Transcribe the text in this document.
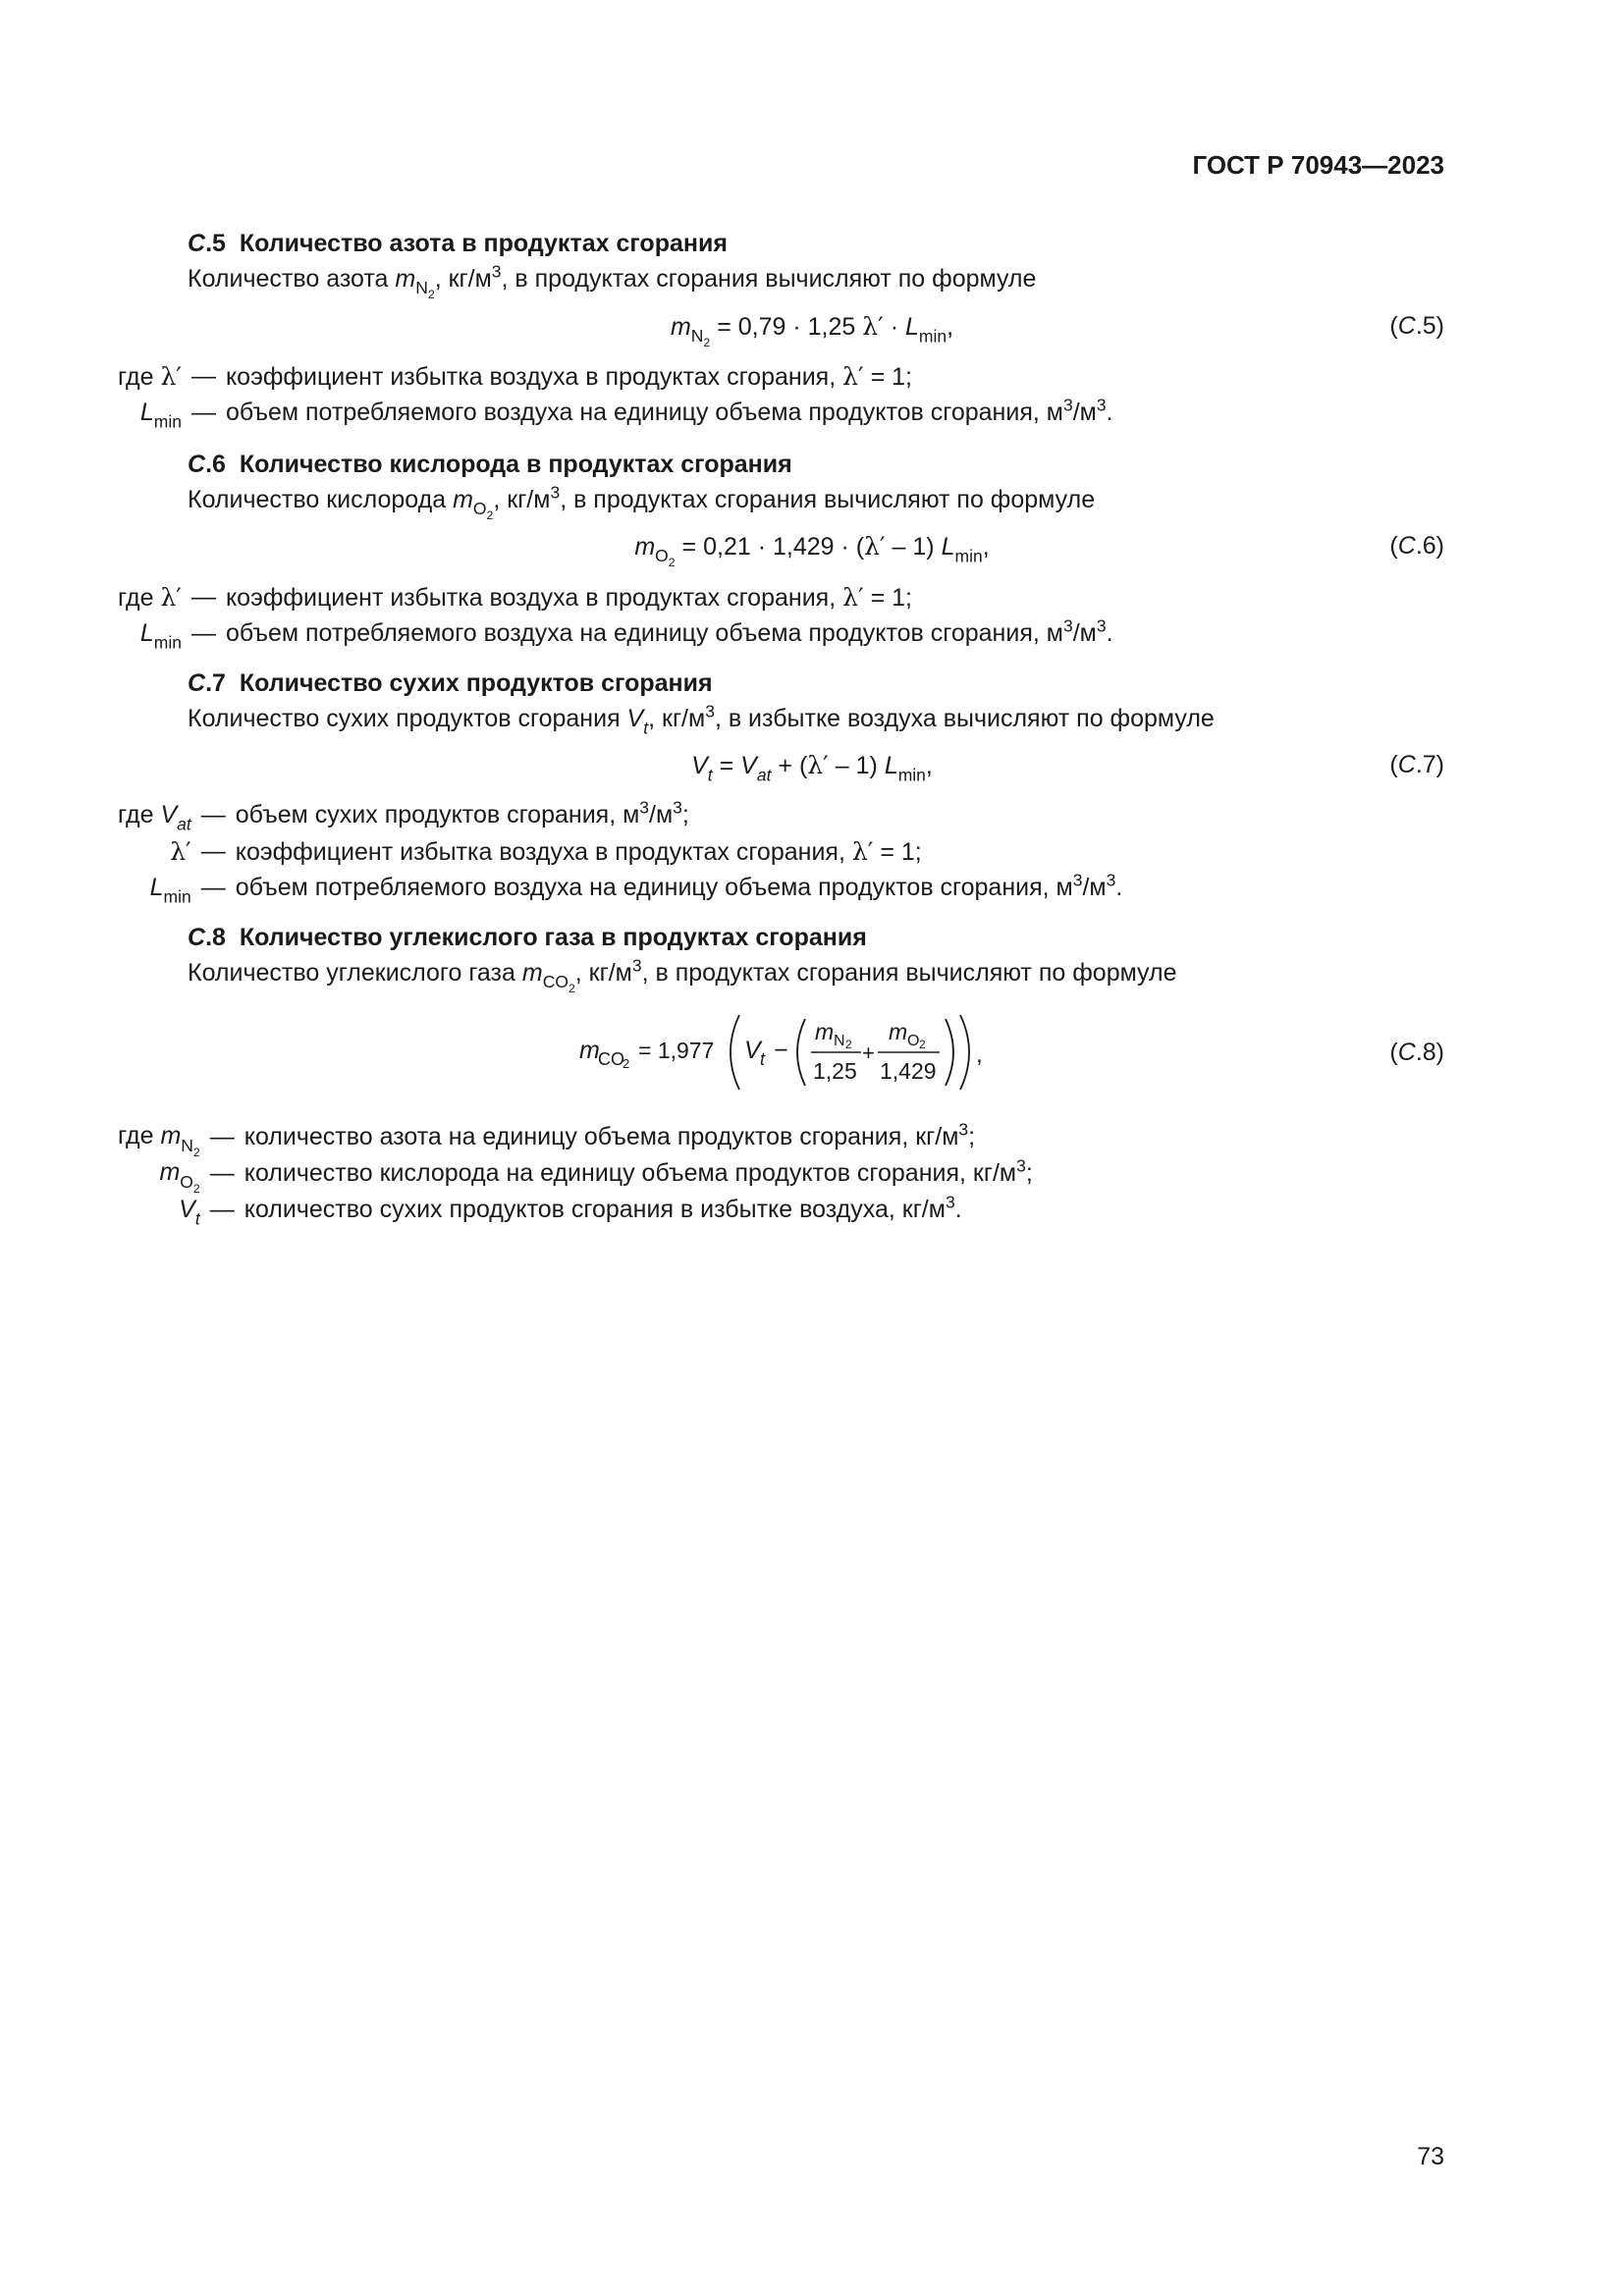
ГОСТ Р 70943—2023
С.5 Количество азота в продуктах сгорания
Количество азота $m_{N_2}$, $кг/м^3$, в продуктах сгорания вычисляют по формуле
$m_{N_2} = 0,79 \cdot 1,25$ $\lambda' \cdot L_{min}$,	(С.5)
где λ′	—	коэффициент избытка воздуха в продуктах сгорания, λ′ = 1;
$L_{min}$	—	объем потребляемого воздуха на единицу объема продуктов сгорания, $м^3/м^3$.
С.6 Количество кислорода в продуктах сгорания
Количество кислорода $m_{O_2}$, $кг/м^3$, в продуктах сгорания вычисляют по формуле
$m_{O_2} = 0,21 \cdot 1,429 \cdot (\lambda' - 1)$ $L_{min}$,	(С.6)
где λ′	—	коэффициент избытка воздуха в продуктах сгорания, λ′ = 1;
$L_{min}$	—	объем потребляемого воздуха на единицу объема продуктов сгорания, $м^3/м^3$.
С.7 Количество сухих продуктов сгорания
Количество сухих продуктов сгорания $V_t$, $кг/м^3$, в избытке воздуха вычисляют по формуле
$V_t = V_{at} + (\lambda' - 1)$ $L_{min}$,	(С.7)
где $V_{at}$	—	объем сухих продуктов сгорания, $м^3/м^3$;
λ′	—	коэффициент избытка воздуха в продуктах сгорания, λ′ = 1;
$L_{min}$	—	объем потребляемого воздуха на единицу объема продуктов сгорания, $м^3/м^3$.
С.8 Количество углекислого газа в продуктах сгорания
Количество углекислого газа $m_{CO_2}$, $кг/м^3$, в продуктах сгорания вычисляют по формуле
m
CO
2
= 1,977 V t −
m N 2
1,25
+
m O 2
1,429
,	(С.8)
где $m_{N_2}$	—	количество азота на единицу объема продуктов сгорания, $кг/м^3$;
$m_{O_2}$	—	количество кислорода на единицу объема продуктов сгорания, $кг/м^3$;
$V_t$	—	количество сухих продуктов сгорания в избытке воздуха, $кг/м^3$.
73
